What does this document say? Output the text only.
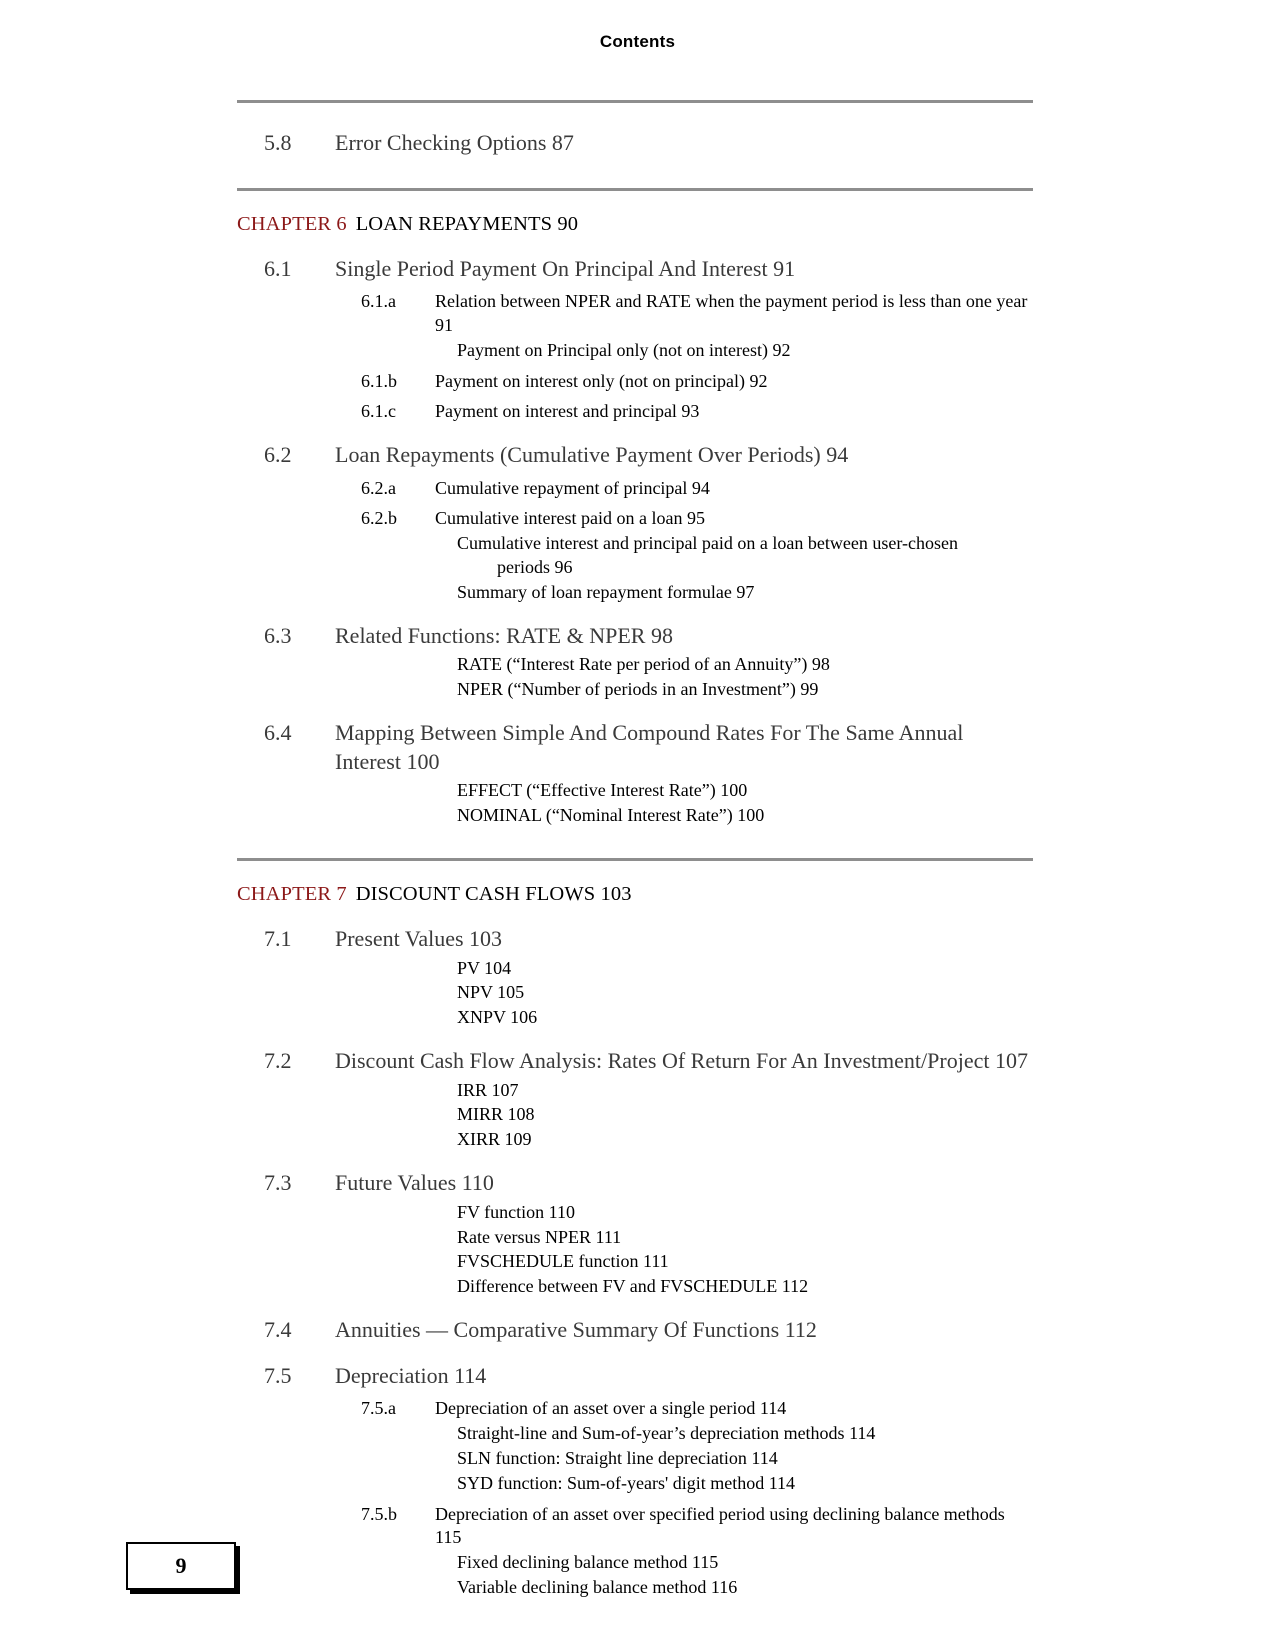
Contents
5.8 Error Checking Options 87
CHAPTER 6 LOAN REPAYMENTS 90
6.1 Single Period Payment On Principal And Interest 91
6.1.a Relation between NPER and RATE when the payment period is less than one year 91
Payment on Principal only (not on interest) 92
6.1.b Payment on interest only (not on principal) 92
6.1.c Payment on interest and principal 93
6.2 Loan Repayments (Cumulative Payment Over Periods) 94
6.2.a Cumulative repayment of principal 94
6.2.b Cumulative interest paid on a loan 95
Cumulative interest and principal paid on a loan between user-chosen
periods 96
Summary of loan repayment formulae 97
6.3 Related Functions: RATE & NPER 98
RATE (“Interest Rate per period of an Annuity”) 98
NPER (“Number of periods in an Investment”) 99
6.4 Mapping Between Simple And Compound Rates For The Same Annual Interest 100
EFFECT (“Effective Interest Rate”) 100
NOMINAL (“Nominal Interest Rate”) 100
CHAPTER 7 DISCOUNT CASH FLOWS 103
7.1 Present Values 103
PV 104
NPV 105
XNPV 106
7.2 Discount Cash Flow Analysis: Rates Of Return For An Investment/Project 107
IRR 107
MIRR 108
XIRR 109
7.3 Future Values 110
FV function 110
Rate versus NPER 111
FVSCHEDULE function 111
Difference between FV and FVSCHEDULE 112
7.4 Annuities — Comparative Summary Of Functions 112
7.5 Depreciation 114
7.5.a Depreciation of an asset over a single period 114
Straight-line and Sum-of-year’s depreciation methods 114
SLN function: Straight line depreciation 114
SYD function: Sum-of-years' digit method 114
7.5.b Depreciation of an asset over specified period using declining balance methods 115
Fixed declining balance method 115
Variable declining balance method 116
9
